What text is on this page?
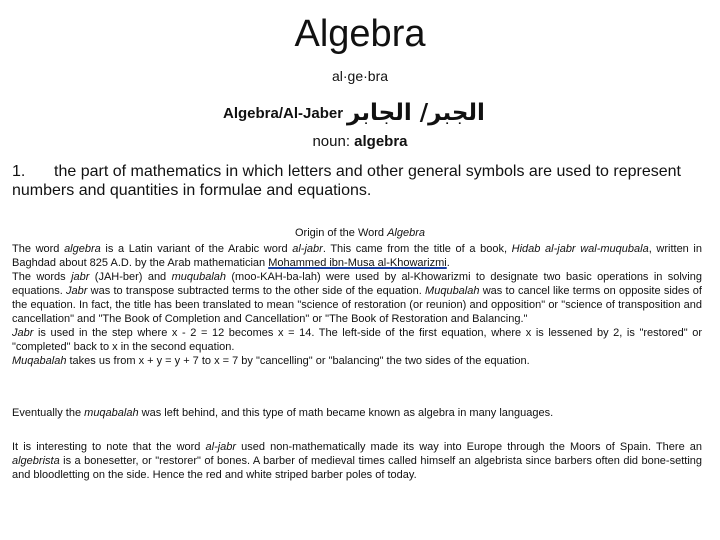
Algebra
al·ge·bra
Algebra/Al-Jaber الجبر/ الجابر
noun: algebra
1. the part of mathematics in which letters and other general symbols are used to represent numbers and quantities in formulae and equations.
Origin of the Word Algebra
The word algebra is a Latin variant of the Arabic word al-jabr. This came from the title of a book, Hidab al-jabr wal-muqubala, written in Baghdad about 825 A.D. by the Arab mathematician Mohammed ibn-Musa al-Khowarizmi.
The words jabr (JAH-ber) and muqubalah (moo-KAH-ba-lah) were used by al-Khowarizmi to designate two basic operations in solving equations. Jabr was to transpose subtracted terms to the other side of the equation. Muqubalah was to cancel like terms on opposite sides of the equation. In fact, the title has been translated to mean "science of restoration (or reunion) and opposition" or "science of transposition and cancellation" and "The Book of Completion and Cancellation" or "The Book of Restoration and Balancing."
Jabr is used in the step where x - 2 = 12 becomes x = 14. The left-side of the first equation, where x is lessened by 2, is "restored" or "completed" back to x in the second equation.
Muqabalah takes us from x + y = y + 7 to x = 7 by "cancelling" or "balancing" the two sides of the equation.
Eventually the muqabalah was left behind, and this type of math became known as algebra in many languages.
It is interesting to note that the word al-jabr used non-mathematically made its way into Europe through the Moors of Spain. There an algebrista is a bonesetter, or "restorer" of bones. A barber of medieval times called himself an algebrista since barbers often did bone-setting and bloodletting on the side. Hence the red and white striped barber poles of today.
